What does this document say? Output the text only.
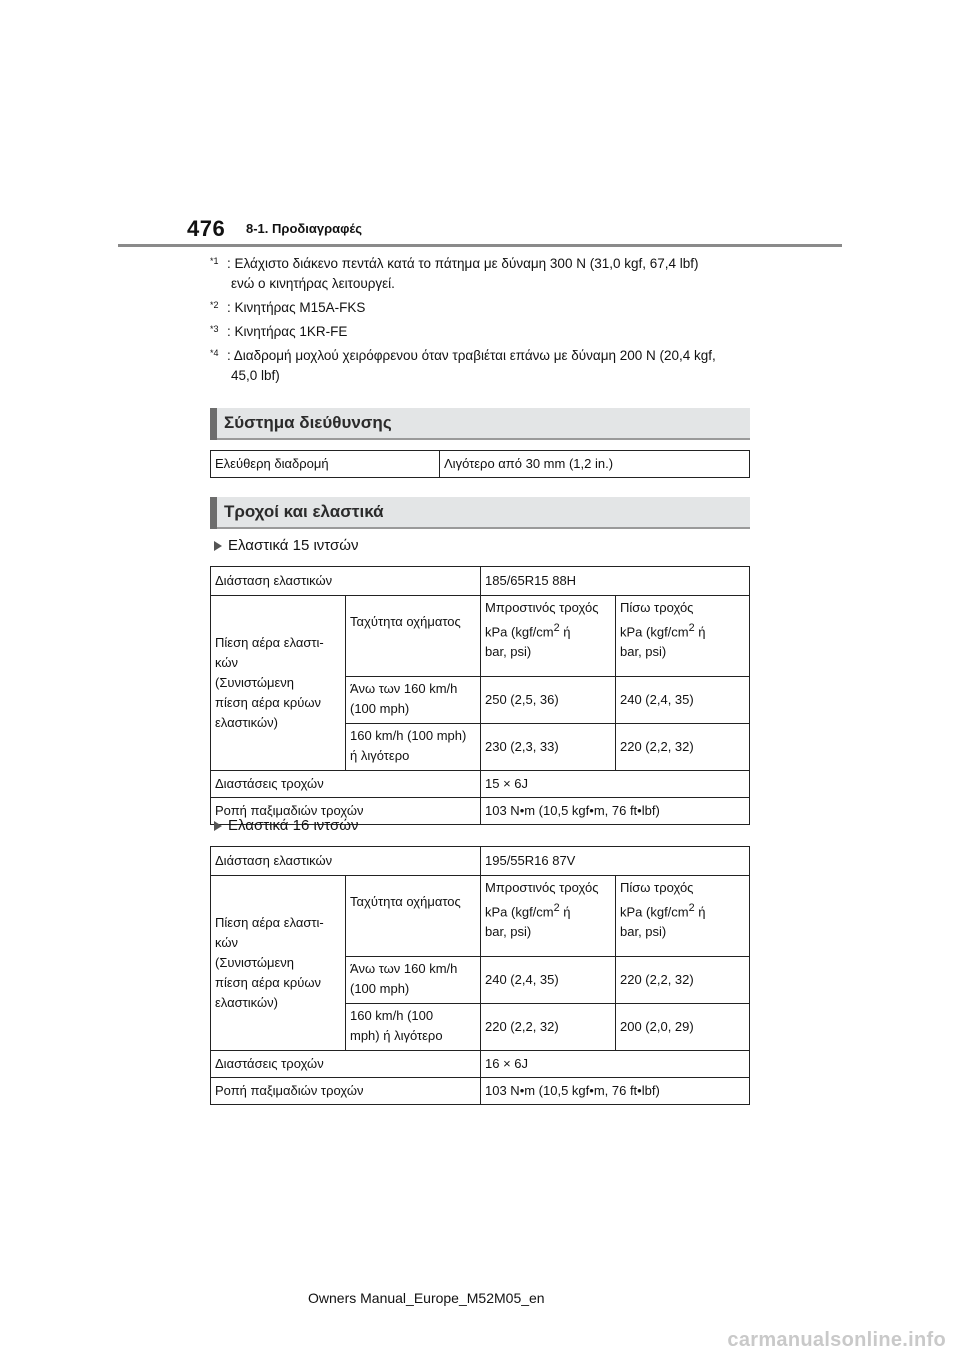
476 8-1. Προδιαγραφές
*1 : Ελάχιστο διάκενο πεντάλ κατά το πάτημα με δύναμη 300 N (31,0 kgf, 67,4 lbf)
ενώ ο κινητήρας λειτουργεί.
*2 : Κινητήρας M15A-FKS
*3 : Κινητήρας 1KR-FE
*4 : Διαδρομή μοχλού χειρόφρενου όταν τραβιέται επάνω με δύναμη 200 N (20,4 kgf,
45,0 lbf)
Σύστημα διεύθυνσης
Ελεύθερη διαδρομή	Λιγότερο από 30 mm (1,2 in.)
Τροχοί και ελαστικά
Ελαστικά 15 ιντσών
Διάσταση ελαστικών		185/65R15 88H	
Πίεση αέρα ελαστι-
κών
(Συνιστώμενη
πίεση αέρα κρύων
ελαστικών)	Ταχύτητα οχήματος	Μπροστινός τροχός
kPa ($kgf/cm^2$ ή
bar, psi)	Πίσω τροχός
kPa ($kgf/cm^2$ ή
bar, psi)
	Άνω των 160 km/h
(100 mph)	250 (2,5, 36)	240 (2,4, 35)
	160 km/h (100 mph)
ή λιγότερο	230 (2,3, 33)	220 (2,2, 32)
Διαστάσεις τροχών		15 × 6J	
Ροπή παξιμαδιών τροχών		103 N•m (10,5 kgf•m, 76 ft•lbf)	
Ελαστικά 16 ιντσών
Διάσταση ελαστικών		195/55R16 87V	
Πίεση αέρα ελαστι-
κών
(Συνιστώμενη
πίεση αέρα κρύων
ελαστικών)	Ταχύτητα οχήματος	Μπροστινός τροχός
kPa ($kgf/cm^2$ ή
bar, psi)	Πίσω τροχός
kPa ($kgf/cm^2$ ή
bar, psi)
	Άνω των 160 km/h
(100 mph)	240 (2,4, 35)	220 (2,2, 32)
	160 km/h (100
mph) ή λιγότερο	220 (2,2, 32)	200 (2,0, 29)
Διαστάσεις τροχών		16 × 6J	
Ροπή παξιμαδιών τροχών		103 N•m (10,5 kgf•m, 76 ft•lbf)	
Owners Manual_Europe_M52M05_en
carmanualsonline.info
